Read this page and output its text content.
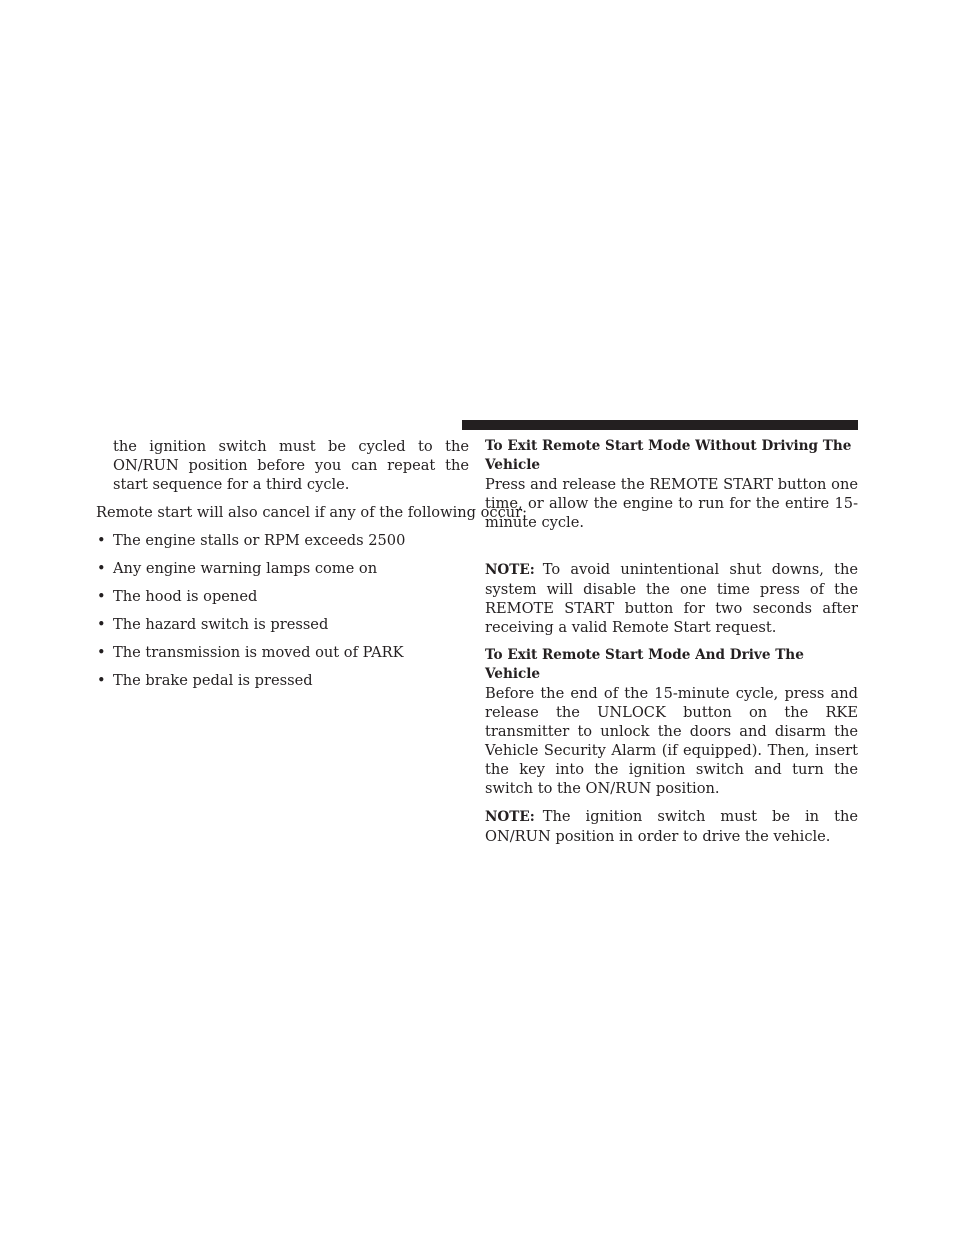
the ignition switch must be cycled to the ON/RUN position before you can repeat the start sequence for a third cycle.

Remote start will also cancel if any of the following occur:

• The engine stalls or RPM exceeds 2500
• Any engine warning lamps come on
• The hood is opened
• The hazard switch is pressed
• The transmission is moved out of PARK
• The brake pedal is pressed
To Exit Remote Start Mode Without Driving The Vehicle

Press and release the REMOTE START button one time, or allow the engine to run for the entire 15-minute cycle.

NOTE: To avoid unintentional shut downs, the system will disable the one time press of the REMOTE START button for two seconds after receiving a valid Remote Start request.

To Exit Remote Start Mode And Drive The Vehicle

Before the end of the 15-minute cycle, press and release the UNLOCK button on the RKE transmitter to unlock the doors and disarm the Vehicle Security Alarm (if equipped). Then, insert the key into the ignition switch and turn the switch to the ON/RUN position.

NOTE: The ignition switch must be in the ON/RUN position in order to drive the vehicle.
